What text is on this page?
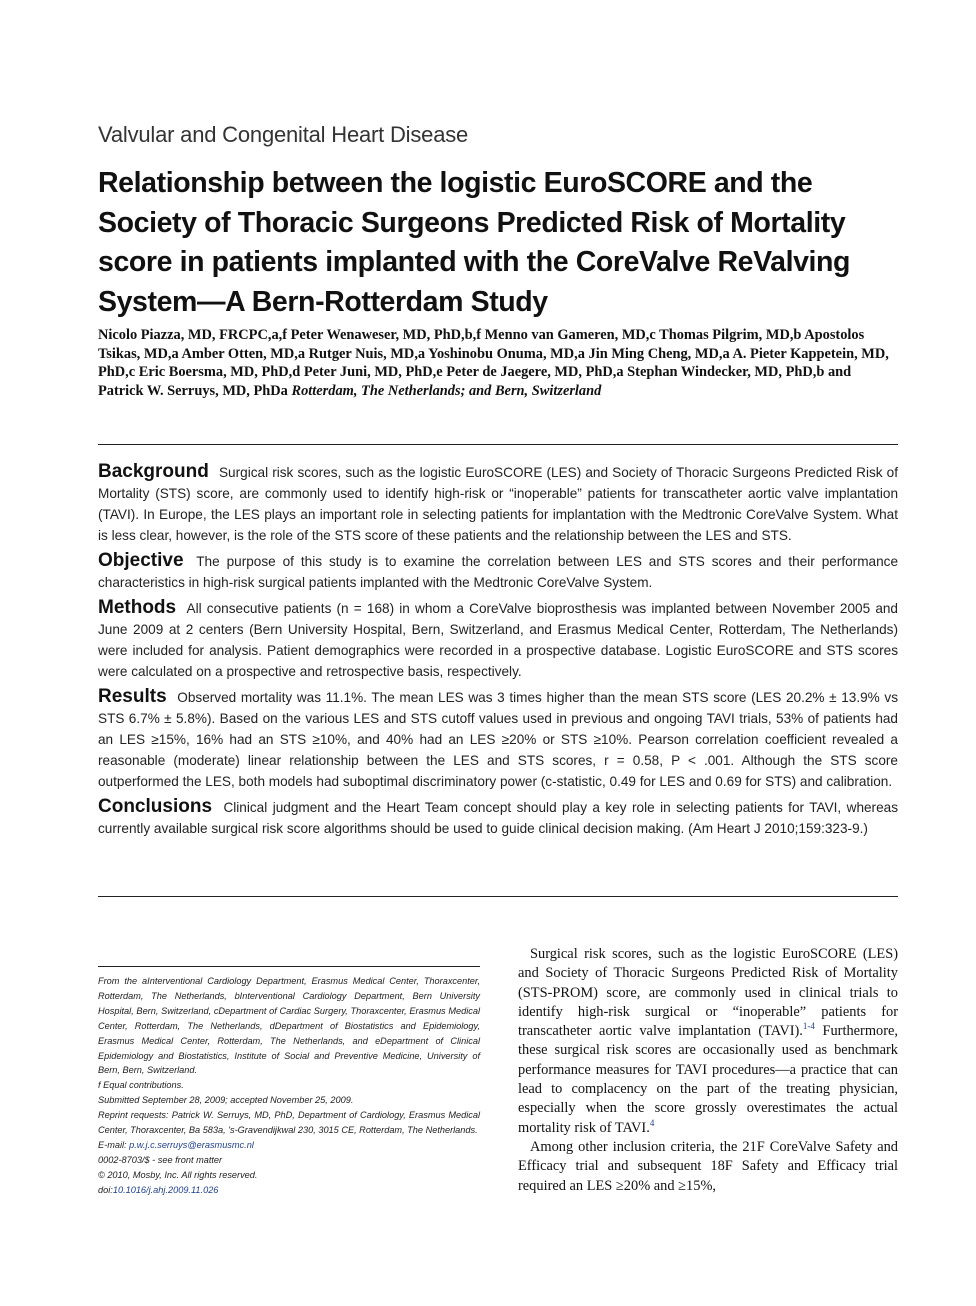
Valvular and Congenital Heart Disease
Relationship between the logistic EuroSCORE and the Society of Thoracic Surgeons Predicted Risk of Mortality score in patients implanted with the CoreValve ReValving System—A Bern-Rotterdam Study

Nicolo Piazza, MD, FRCPC,a,f Peter Wenaweser, MD, PhD,b,f Menno van Gameren, MD,c Thomas Pilgrim, MD,b Apostolos Tsikas, MD,a Amber Otten, MD,a Rutger Nuis, MD,a Yoshinobu Onuma, MD,a Jin Ming Cheng, MD,a A. Pieter Kappetein, MD, PhD,c Eric Boersma, MD, PhD,d Peter Juni, MD, PhD,e Peter de Jaegere, MD, PhD,a Stephan Windecker, MD, PhD,b and Patrick W. Serruys, MD, PhDa Rotterdam, The Netherlands; and Bern, Switzerland

Background Surgical risk scores, such as the logistic EuroSCORE (LES) and Society of Thoracic Surgeons Predicted Risk of Mortality (STS) score, are commonly used to identify high-risk or “inoperable” patients for transcatheter aortic valve implantation (TAVI). In Europe, the LES plays an important role in selecting patients for implantation with the Medtronic CoreValve System. What is less clear, however, is the role of the STS score of these patients and the relationship between the LES and STS.

Objective The purpose of this study is to examine the correlation between LES and STS scores and their performance characteristics in high-risk surgical patients implanted with the Medtronic CoreValve System.

Methods All consecutive patients (n = 168) in whom a CoreValve bioprosthesis was implanted between November 2005 and June 2009 at 2 centers (Bern University Hospital, Bern, Switzerland, and Erasmus Medical Center, Rotterdam, The Netherlands) were included for analysis. Patient demographics were recorded in a prospective database. Logistic EuroSCORE and STS scores were calculated on a prospective and retrospective basis, respectively.

Results Observed mortality was 11.1%. The mean LES was 3 times higher than the mean STS score (LES 20.2% ± 13.9% vs STS 6.7% ± 5.8%). Based on the various LES and STS cutoff values used in previous and ongoing TAVI trials, 53% of patients had an LES ≥15%, 16% had an STS ≥10%, and 40% had an LES ≥20% or STS ≥10%. Pearson correlation coefficient revealed a reasonable (moderate) linear relationship between the LES and STS scores, r = 0.58, P < .001. Although the STS score outperformed the LES, both models had suboptimal discriminatory power (c-statistic, 0.49 for LES and 0.69 for STS) and calibration.

Conclusions Clinical judgment and the Heart Team concept should play a key role in selecting patients for TAVI, whereas currently available surgical risk score algorithms should be used to guide clinical decision making. (Am Heart J 2010;159:323-9.)

From the aInterventional Cardiology Department, Erasmus Medical Center, Thoraxcenter, Rotterdam, The Netherlands, bInterventional Cardiology Department, Bern University Hospital, Bern, Switzerland, cDepartment of Cardiac Surgery, Thoraxcenter, Erasmus Medical Center, Rotterdam, The Netherlands, dDepartment of Biostatistics and Epidemiology, Erasmus Medical Center, Rotterdam, The Netherlands, and eDepartment of Clinical Epidemiology and Biostatistics, Institute of Social and Preventive Medicine, University of Bern, Bern, Switzerland.

f Equal contributions.

Submitted September 28, 2009; accepted November 25, 2009.

Reprint requests: Patrick W. Serruys, MD, PhD, Department of Cardiology, Erasmus Medical Center, Thoraxcenter, Ba 583a, 's-Gravendijkwal 230, 3015 CE, Rotterdam, The Netherlands.

E-mail: p.w.j.c.serruys@erasmusmc.nl

0002-8703/$ - see front matter

© 2010, Mosby, Inc. All rights reserved.

doi:10.1016/j.ahj.2009.11.026

Surgical risk scores, such as the logistic EuroSCORE (LES) and Society of Thoracic Surgeons Predicted Risk of Mortality (STS-PROM) score, are commonly used in clinical trials to identify high-risk surgical or “inoperable” patients for transcatheter aortic valve implantation (TAVI).$^{1-4}$ Furthermore, these surgical risk scores are occasionally used as benchmark performance measures for TAVI procedures—a practice that can lead to complacency on the part of the treating physician, especially when the score grossly overestimates the actual mortality risk of TAVI.$^4$

Among other inclusion criteria, the 21F CoreValve Safety and Efficacy trial and subsequent 18F Safety and Efficacy trial required an LES ≥20% and ≥15%,
